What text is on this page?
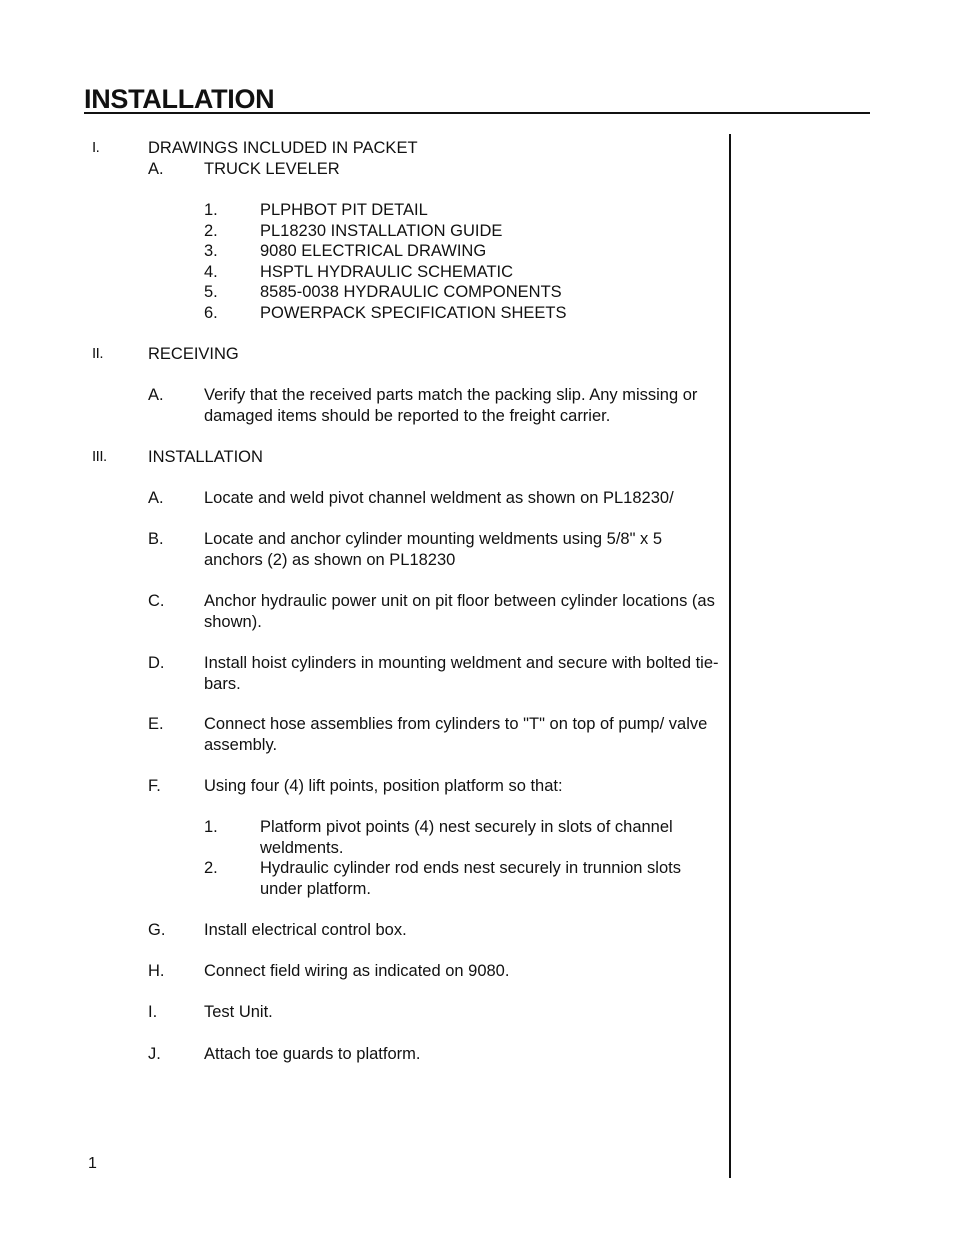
INSTALLATION
I.	DRAWINGS INCLUDED IN PACKET
A. TRUCK LEVELER
1.	PLPHBOT PIT DETAIL
2.	PL18230 INSTALLATION GUIDE
3.	9080 ELECTRICAL DRAWING
4.	HSPTL HYDRAULIC SCHEMATIC
5.	8585-0038 HYDRAULIC COMPONENTS
6.	POWERPACK SPECIFICATION SHEETS
II.	RECEIVING
A. Verify that the received parts match the packing slip. Any missing or damaged items should be reported to the freight carrier.
III.	INSTALLATION
A. Locate and weld pivot channel weldment as shown on PL18230/
B. Locate and anchor cylinder mounting weldments using 5/8" x 5 anchors (2) as shown on PL18230
C. Anchor hydraulic power unit on pit floor between cylinder locations (as shown).
D. Install hoist cylinders in mounting weldment and secure with bolted tie-bars.
E. Connect hose assemblies from cylinders to "T" on top of pump/ valve assembly.
F.	Using four (4) lift points, position platform so that:
1.	Platform pivot points (4) nest securely in slots of channel weldments.
2.	Hydraulic cylinder rod ends nest securely in trunnion slots under platform.
G. Install electrical control box.
H. Connect field wiring as indicated on 9080.
I.	Test Unit.
J.	Attach toe guards to platform.
1
